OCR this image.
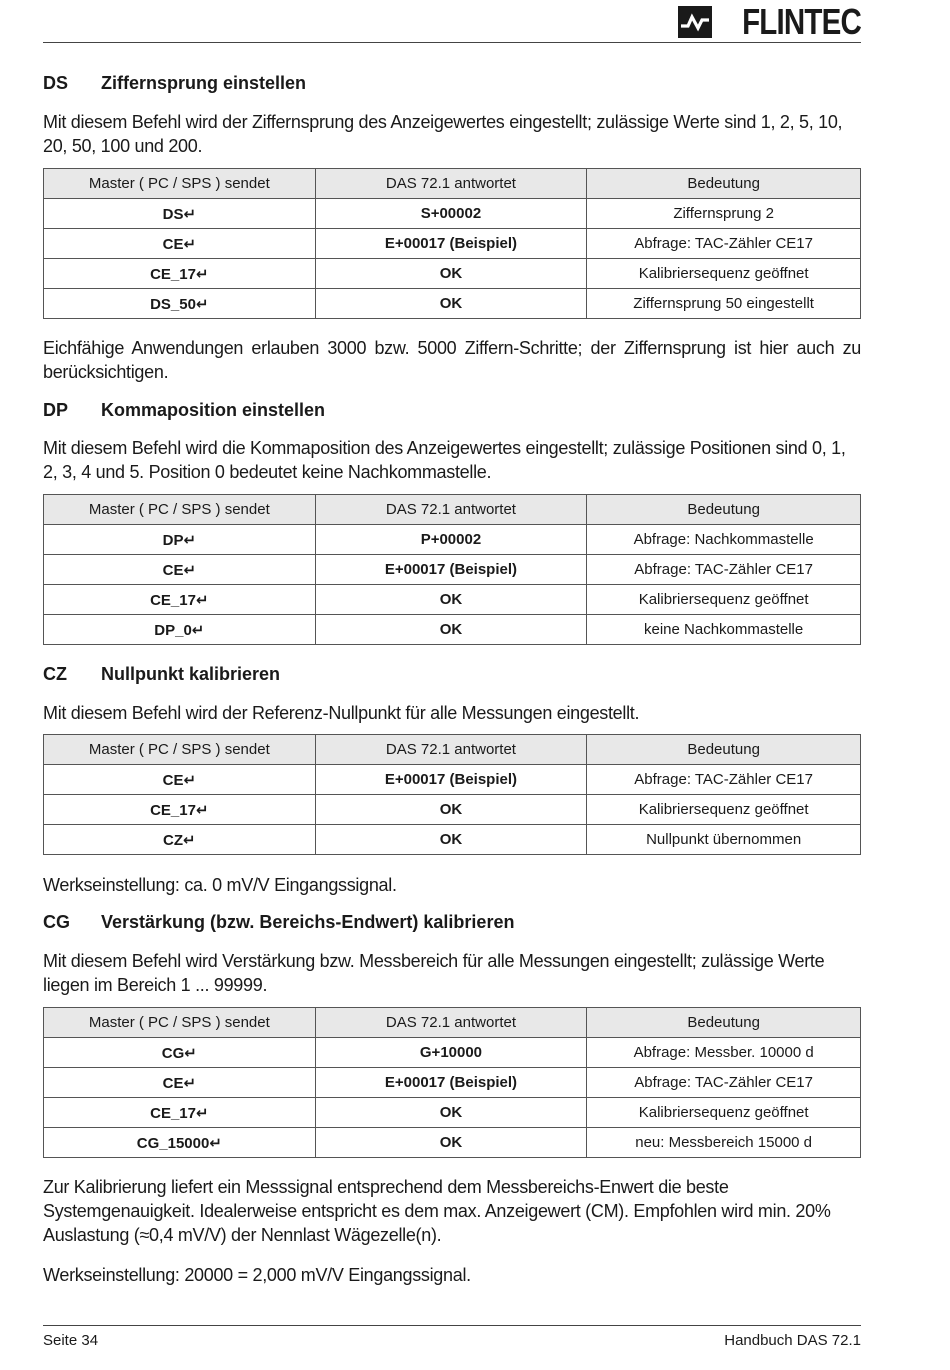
FLINTEC
DS Ziffernsprung einstellen
Mit diesem Befehl wird der Ziffernsprung des Anzeigewertes eingestellt; zulässige Werte sind 1, 2, 5, 10, 20, 50, 100 und 200.
Master ( PC / SPS ) sendet	DAS 72.1 antwortet	Bedeutung
DS↵	S+00002	Ziffernsprung 2
CE↵	E+00017 (Beispiel)	Abfrage: TAC-Zähler CE17
CE_17↵	OK	Kalibriersequenz geöffnet
DS_50↵	OK	Ziffernsprung 50 eingestellt
Eichfähige Anwendungen erlauben 3000 bzw. 5000 Ziffern-Schritte; der Ziffernsprung ist hier auch zu berücksichtigen.
DP Kommaposition einstellen
Mit diesem Befehl wird die Kommaposition des Anzeigewertes eingestellt; zulässige Positionen sind 0, 1, 2, 3, 4 und 5. Position 0 bedeutet keine Nachkommastelle.
Master ( PC / SPS ) sendet	DAS 72.1 antwortet	Bedeutung
DP↵	P+00002	Abfrage: Nachkommastelle
CE↵	E+00017 (Beispiel)	Abfrage: TAC-Zähler CE17
CE_17↵	OK	Kalibriersequenz geöffnet
DP_0↵	OK	keine Nachkommastelle
CZ Nullpunkt kalibrieren
Mit diesem Befehl wird der Referenz-Nullpunkt für alle Messungen eingestellt.
Master ( PC / SPS ) sendet	DAS 72.1 antwortet	Bedeutung
CE↵	E+00017 (Beispiel)	Abfrage: TAC-Zähler CE17
CE_17↵	OK	Kalibriersequenz geöffnet
CZ↵	OK	Nullpunkt übernommen
Werkseinstellung: ca. 0 mV/V Eingangssignal.
CG Verstärkung (bzw. Bereichs-Endwert) kalibrieren
Mit diesem Befehl wird Verstärkung bzw. Messbereich für alle Messungen eingestellt; zulässige Werte liegen im Bereich 1 ... 99999.
Master ( PC / SPS ) sendet	DAS 72.1 antwortet	Bedeutung
CG↵	G+10000	Abfrage: Messber. 10000 d
CE↵	E+00017 (Beispiel)	Abfrage: TAC-Zähler CE17
CE_17↵	OK	Kalibriersequenz geöffnet
CG_15000↵	OK	neu: Messbereich 15000 d
Zur Kalibrierung liefert ein Messsignal entsprechend dem Messbereichs-Enwert die beste Systemgenauigkeit. Idealerweise entspricht es dem max. Anzeigewert (CM). Empfohlen wird min. 20% Auslastung (≈0,4 mV/V) der Nennlast Wägezelle(n).
Werkseinstellung: 20000 = 2,000 mV/V Eingangssignal.
Seite 34	Handbuch DAS 72.1
